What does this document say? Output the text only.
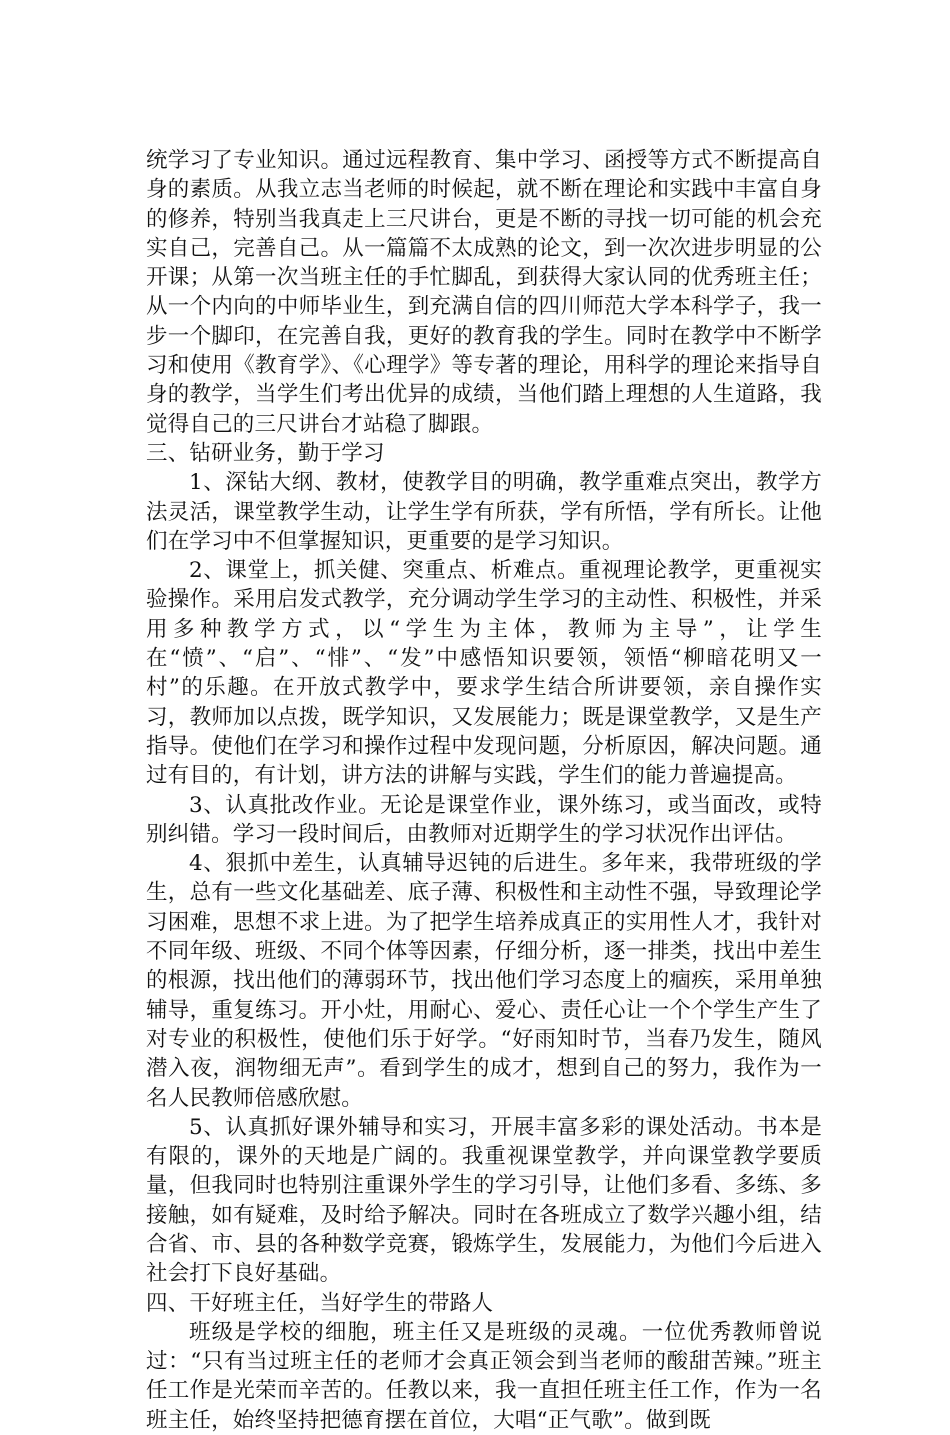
统学习了专业知识。通过远程教育、集中学习、函授等方式不断提高自身的素质。从我立志当老师的时候起，就不断在理论和实践中丰富自身的修养，特别当我真走上三尺讲台，更是不断的寻找一切可能的机会充实自己，完善自己。从一篇篇不太成熟的论文，到一次次进步明显的公开课；从第一次当班主任的手忙脚乱，到获得大家认同的优秀班主任；从一个内向的中师毕业生，到充满自信的四川师范大学本科学子，我一步一个脚印，在完善自我，更好的教育我的学生。同时在教学中不断学习和使用《教育学》、《心理学》等专著的理论，用科学的理论来指导自身的教学，当学生们考出优异的成绩，当他们踏上理想的人生道路，我觉得自己的三尺讲台才站稳了脚跟。

三、钻研业务，勤于学习

1、深钻大纲、教材，使教学目的明确，教学重难点突出，教学方法灵活，课堂教学生动，让学生学有所获，学有所悟，学有所长。让他们在学习中不但掌握知识，更重要的是学习知识。

2、课堂上，抓关健、突重点、析难点。重视理论教学，更重视实验操作。采用启发式教学，充分调动学生学习的主动性、积极性，并采用多种教学方式，以“学生为主体，教师为主导”，让学生在“愤”、“启”、“悱”、“发”中感悟知识要领，领悟“柳暗花明又一村”的乐趣。在开放式教学中，要求学生结合所讲要领，亲自操作实习，教师加以点拨，既学知识，又发展能力；既是课堂教学，又是生产指导。使他们在学习和操作过程中发现问题，分析原因，解决问题。通过有目的，有计划，讲方法的讲解与实践，学生们的能力普遍提高。

3、认真批改作业。无论是课堂作业，课外练习，或当面改，或特别纠错。学习一段时间后，由教师对近期学生的学习状况作出评估。

4、狠抓中差生，认真辅导迟钝的后进生。多年来，我带班级的学生，总有一些文化基础差、底子薄、积极性和主动性不强，导致理论学习困难，思想不求上进。为了把学生培养成真正的实用性人才，我针对不同年级、班级、不同个体等因素，仔细分析，逐一排类，找出中差生的根源，找出他们的薄弱环节，找出他们学习态度上的痼疾，采用单独辅导，重复练习。开小灶，用耐心、爱心、责任心让一个个学生产生了对专业的积极性，使他们乐于好学。“好雨知时节，当春乃发生，随风潜入夜，润物细无声”。看到学生的成才，想到自己的努力，我作为一名人民教师倍感欣慰。

5、认真抓好课外辅导和实习，开展丰富多彩的课处活动。书本是有限的，课外的天地是广阔的。我重视课堂教学，并向课堂教学要质量，但我同时也特别注重课外学生的学习引导，让他们多看、多练、多接触，如有疑难，及时给予解决。同时在各班成立了数学兴趣小组，结合省、市、县的各种数学竞赛，锻炼学生，发展能力，为他们今后进入社会打下良好基础。

四、干好班主任，当好学生的带路人

班级是学校的细胞，班主任又是班级的灵魂。一位优秀教师曾说过：“只有当过班主任的老师才会真正领会到当老师的酸甜苦辣。”班主任工作是光荣而辛苦的。任教以来，我一直担任班主任工作，作为一名班主任，始终坚持把德育摆在首位，大唱“正气歌”。做到既
